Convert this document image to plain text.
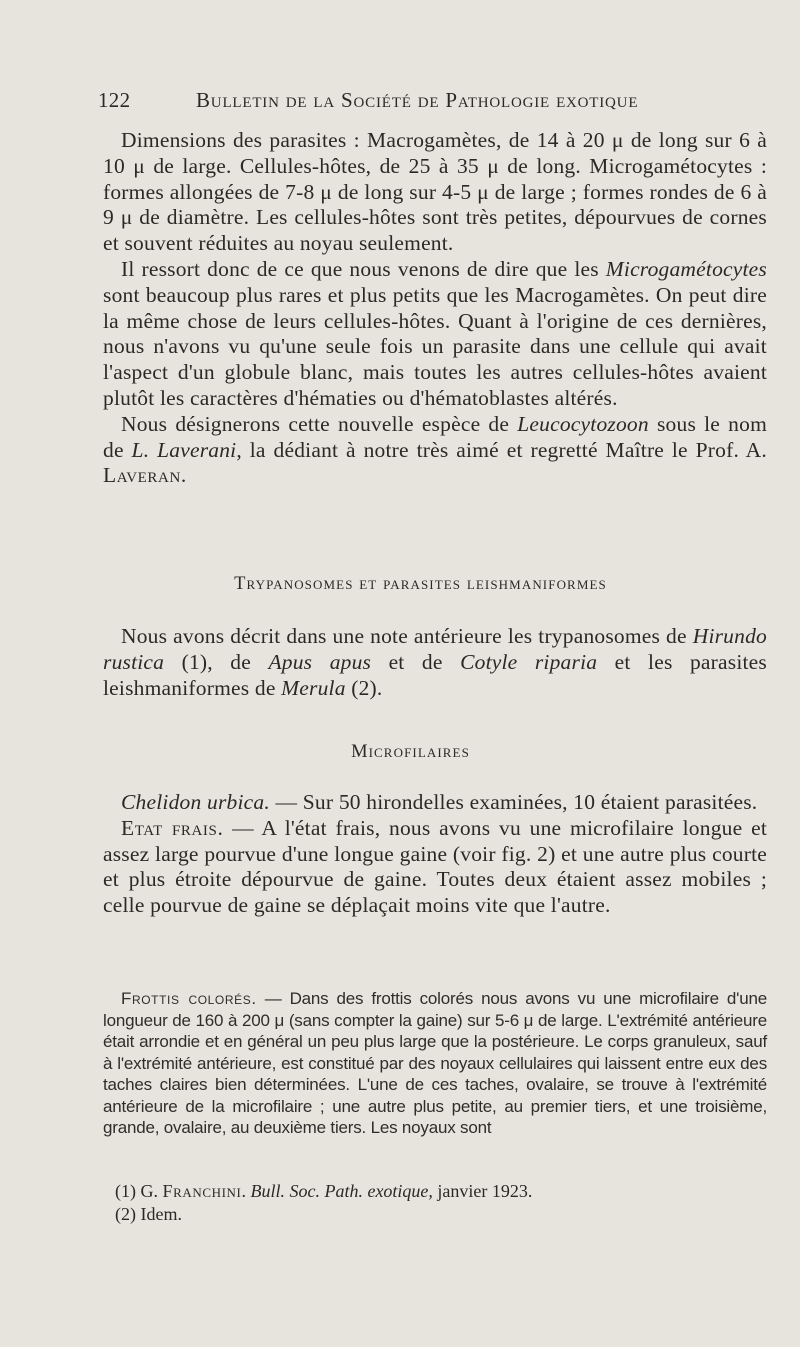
122	Bulletin de la Société de Pathologie exotique

Dimensions des parasites : Macrogamètes, de 14 à 20 μ de long sur 6 à 10 μ de large. Cellules-hôtes, de 25 à 35 μ de long. Microgamétocytes : formes allongées de 7-8 μ de long sur 4-5 μ de large ; formes rondes de 6 à 9 μ de diamètre. Les cellules-hôtes sont très petites, dépourvues de cornes et souvent réduites au noyau seulement.

Il ressort donc de ce que nous venons de dire que les Microgamétocytes sont beaucoup plus rares et plus petits que les Macrogamètes. On peut dire la même chose de leurs cellules-hôtes. Quant à l'origine de ces dernières, nous n'avons vu qu'une seule fois un parasite dans une cellule qui avait l'aspect d'un globule blanc, mais toutes les autres cellules-hôtes avaient plutôt les caractères d'hématies ou d'hématoblastes altérés.

Nous désignerons cette nouvelle espèce de Leucocytozoon sous le nom de L. Laverani, la dédiant à notre très aimé et regretté Maître le Prof. A. Laveran.

Trypanosomes et parasites leishmaniformes

Nous avons décrit dans une note antérieure les trypanosomes de Hirundo rustica (1), de Apus apus et de Cotyle riparia et les parasites leishmaniformes de Merula (2).

Microfilaires

Chelidon urbica. — Sur 50 hirondelles examinées, 10 étaient parasitées.

Etat frais. — A l'état frais, nous avons vu une microfilaire longue et assez large pourvue d'une longue gaine (voir fig. 2) et une autre plus courte et plus étroite dépourvue de gaine. Toutes deux étaient assez mobiles ; celle pourvue de gaine se déplaçait moins vite que l'autre.

Frottis colorés. — Dans des frottis colorés nous avons vu une microfilaire d'une longueur de 160 à 200 μ (sans compter la gaine) sur 5-6 μ de large. L'extrémité antérieure était arrondie et en général un peu plus large que la postérieure. Le corps granuleux, sauf à l'extrémité antérieure, est constitué par des noyaux cellulaires qui laissent entre eux des taches claires bien déterminées. L'une de ces taches, ovalaire, se trouve à l'extrémité antérieure de la microfilaire ; une autre plus petite, au premier tiers, et une troisième, grande, ovalaire, au deuxième tiers. Les noyaux sont

(1) G. Franchini. Bull. Soc. Path. exotique, janvier 1923.

(2) Idem.
